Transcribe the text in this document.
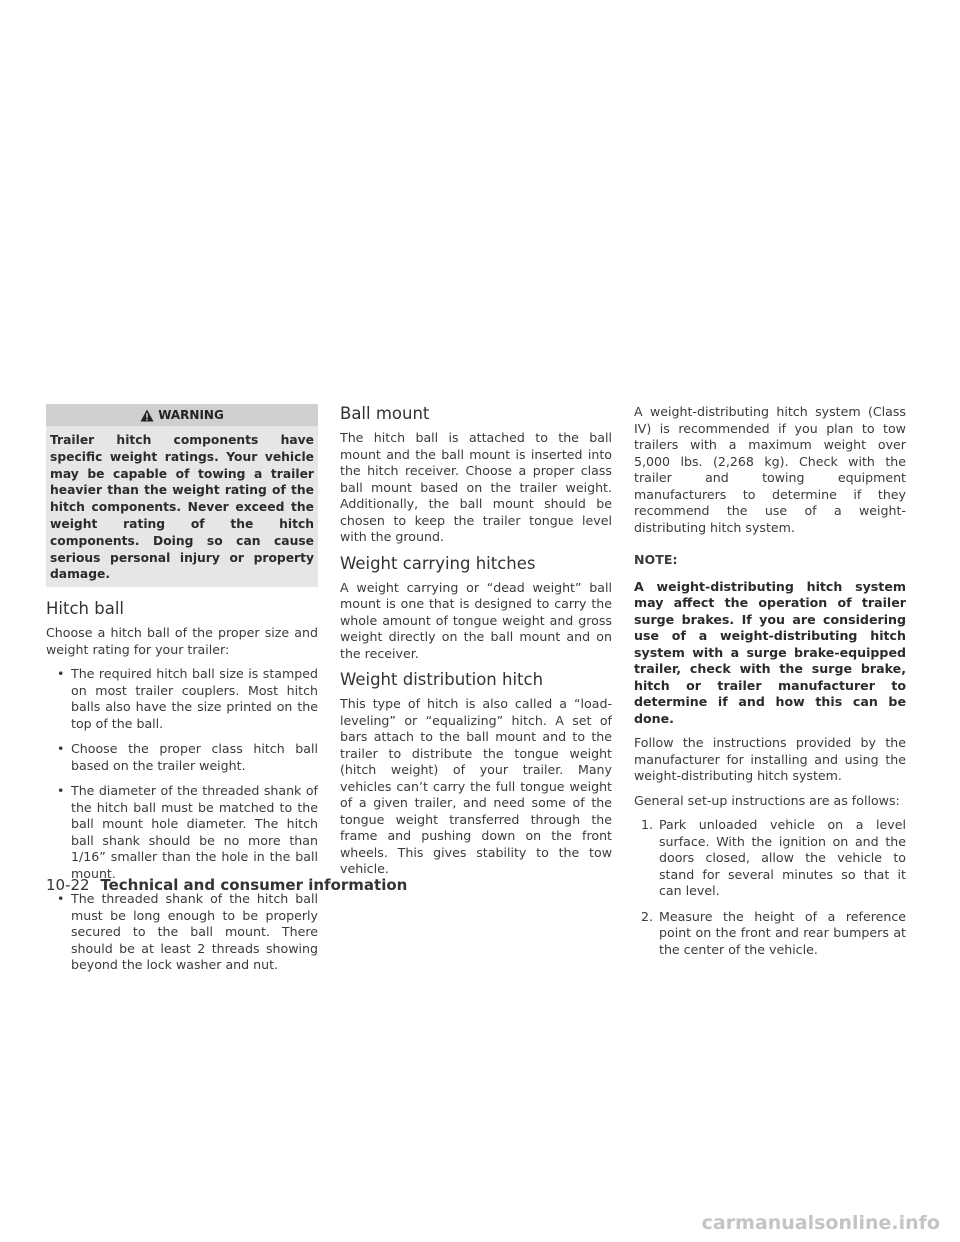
WARNING
Trailer hitch components have specific weight ratings. Your vehicle may be capable of towing a trailer heavier than the weight rating of the hitch components. Never exceed the weight rating of the hitch components. Doing so can cause serious personal injury or property damage.
Hitch ball

Choose a hitch ball of the proper size and weight rating for your trailer:

• The required hitch ball size is stamped on most trailer couplers. Most hitch balls also have the size printed on the top of the ball.
• Choose the proper class hitch ball based on the trailer weight.
• The diameter of the threaded shank of the hitch ball must be matched to the ball mount hole diameter. The hitch ball shank should be no more than 1/16” smaller than the hole in the ball mount.
• The threaded shank of the hitch ball must be long enough to be properly secured to the ball mount. There should be at least 2 threads showing beyond the lock washer and nut.
Ball mount

The hitch ball is attached to the ball mount and the ball mount is inserted into the hitch receiver. Choose a proper class ball mount based on the trailer weight. Additionally, the ball mount should be chosen to keep the trailer tongue level with the ground.

Weight carrying hitches

A weight carrying or “dead weight” ball mount is one that is designed to carry the whole amount of tongue weight and gross weight directly on the ball mount and on the receiver.

Weight distribution hitch

This type of hitch is also called a “load-leveling” or “equalizing” hitch. A set of bars attach to the ball mount and to the trailer to distribute the tongue weight (hitch weight) of your trailer. Many vehicles can’t carry the full tongue weight of a given trailer, and need some of the tongue weight transferred through the frame and pushing down on the front wheels. This gives stability to the tow vehicle.

A weight-distributing hitch system (Class IV) is recommended if you plan to tow trailers with a maximum weight over 5,000 lbs. (2,268 kg). Check with the trailer and towing equipment manufacturers to determine if they recommend the use of a weight-distributing hitch system.

NOTE:

A weight-distributing hitch system may affect the operation of trailer surge brakes. If you are considering use of a weight-distributing hitch system with a surge brake-equipped trailer, check with the surge brake, hitch or trailer manufacturer to determine if and how this can be done.

Follow the instructions provided by the manufacturer for installing and using the weight-distributing hitch system.

General set-up instructions are as follows:

1. Park unloaded vehicle on a level surface. With the ignition on and the doors closed, allow the vehicle to stand for several minutes so that it can level.
2. Measure the height of a reference point on the front and rear bumpers at the center of the vehicle.
10-22 Technical and consumer information
carmanualsonline.info
